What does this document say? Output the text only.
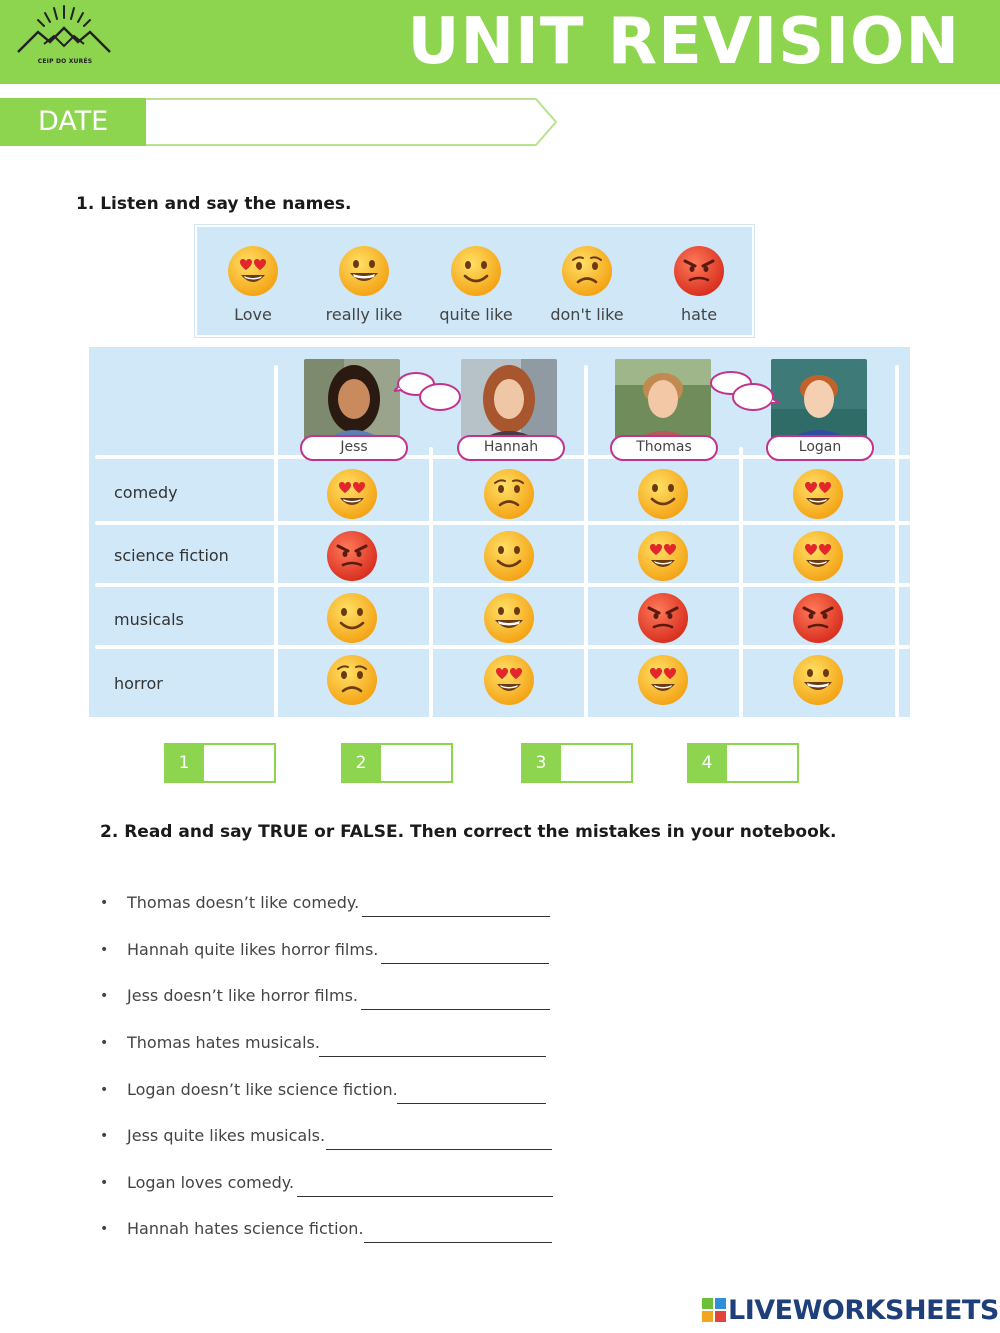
CEIP DO XURÉS	UNIT REVISION
DATE
1. Listen and say the names.
Love	really like	quite like	don't like	hate
Jess	Hannah	Thomas	Logan
comedy
science fiction
musicals
horror
1	2	3	4
2. Read and say TRUE or FALSE. Then correct the mistakes in your notebook.
• Thomas doesn’t like comedy.
• Hannah quite likes horror films.
• Jess doesn’t like horror films.
• Thomas hates musicals.
• Logan doesn’t like science fiction.
• Jess quite likes musicals.
• Logan loves comedy.
• Hannah hates science fiction.
LIVEWORKSHEETS
